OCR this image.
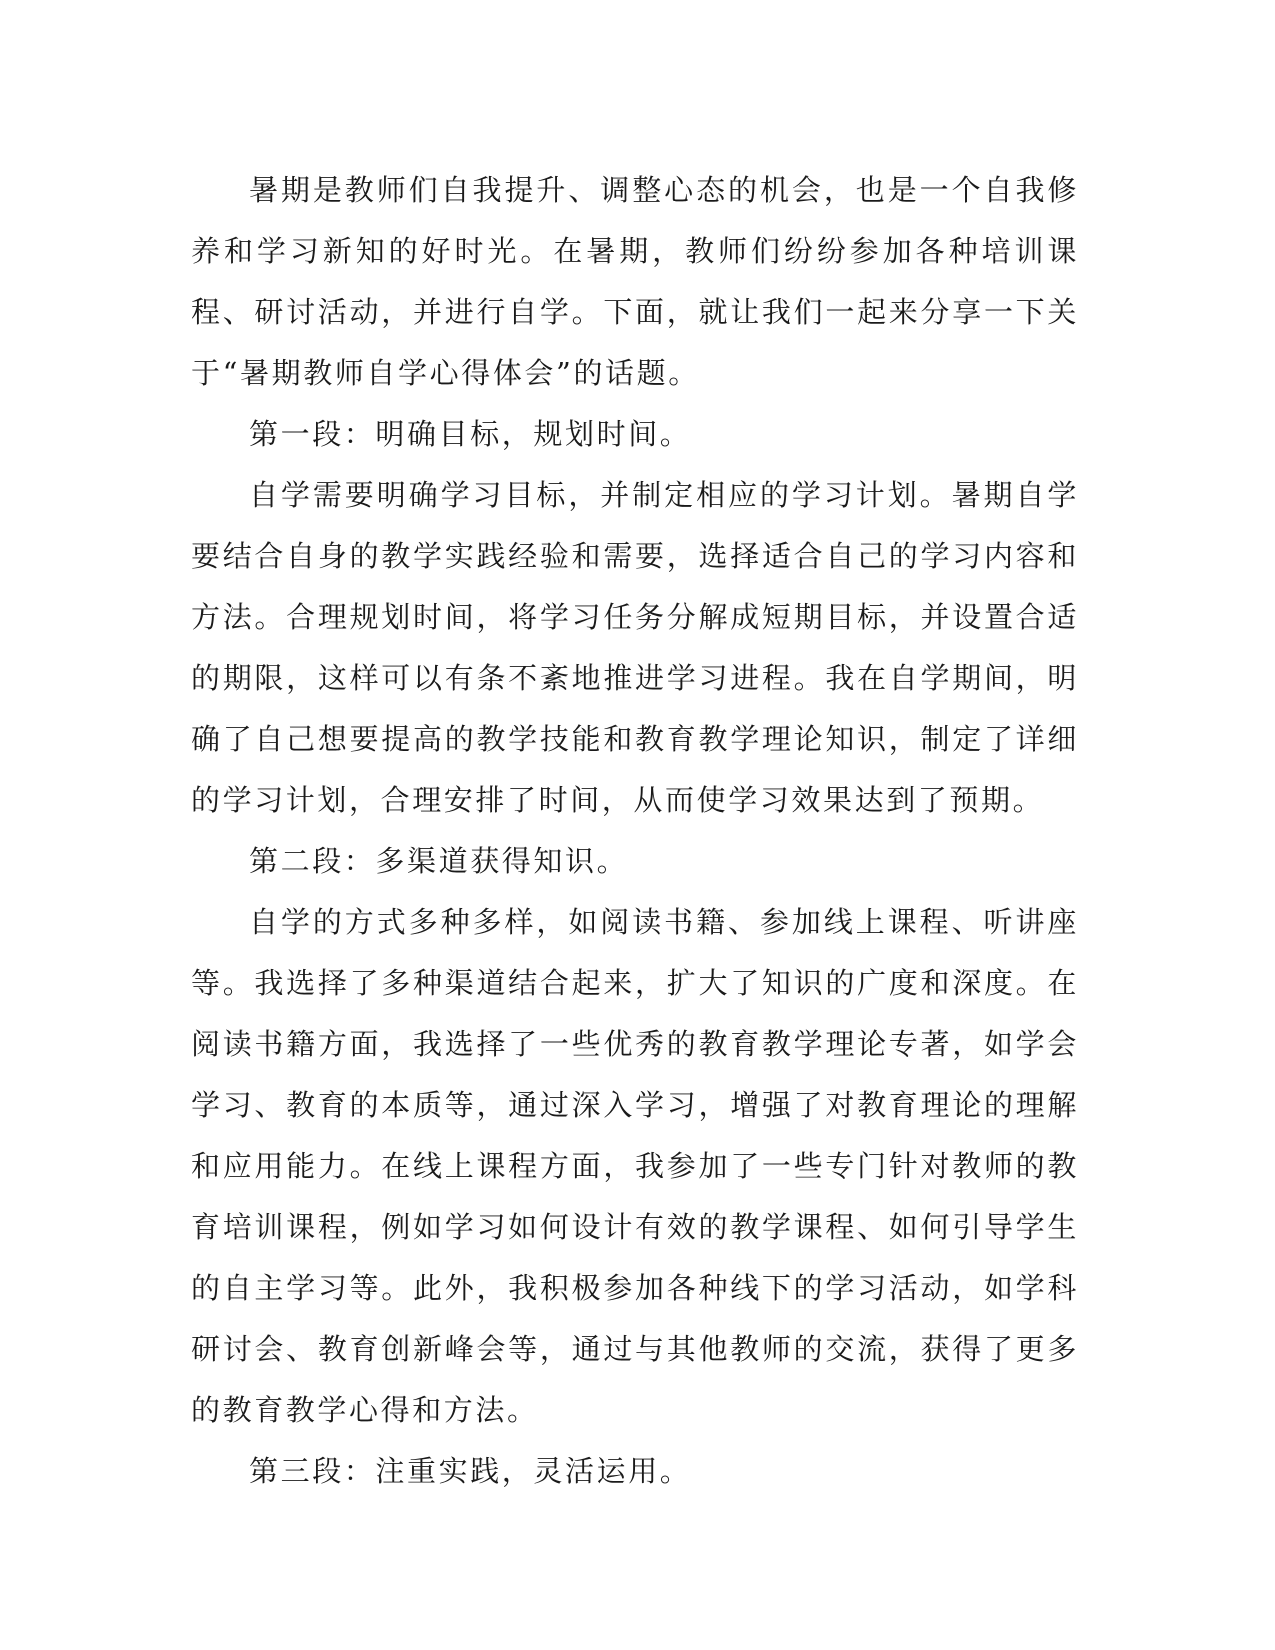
暑期是教师们自我提升、调整心态的机会，也是一个自我修养和学习新知的好时光。在暑期，教师们纷纷参加各种培训课程、研讨活动，并进行自学。下面，就让我们一起来分享一下关于“暑期教师自学心得体会”的话题。

第一段：明确目标，规划时间。

自学需要明确学习目标，并制定相应的学习计划。暑期自学要结合自身的教学实践经验和需要，选择适合自己的学习内容和方法。合理规划时间，将学习任务分解成短期目标，并设置合适的期限，这样可以有条不紊地推进学习进程。我在自学期间，明确了自己想要提高的教学技能和教育教学理论知识，制定了详细的学习计划，合理安排了时间，从而使学习效果达到了预期。

第二段：多渠道获得知识。

自学的方式多种多样，如阅读书籍、参加线上课程、听讲座等。我选择了多种渠道结合起来，扩大了知识的广度和深度。在阅读书籍方面，我选择了一些优秀的教育教学理论专著，如学会学习、教育的本质等，通过深入学习，增强了对教育理论的理解和应用能力。在线上课程方面，我参加了一些专门针对教师的教育培训课程，例如学习如何设计有效的教学课程、如何引导学生的自主学习等。此外，我积极参加各种线下的学习活动，如学科研讨会、教育创新峰会等，通过与其他教师的交流，获得了更多的教育教学心得和方法。

第三段：注重实践，灵活运用。
